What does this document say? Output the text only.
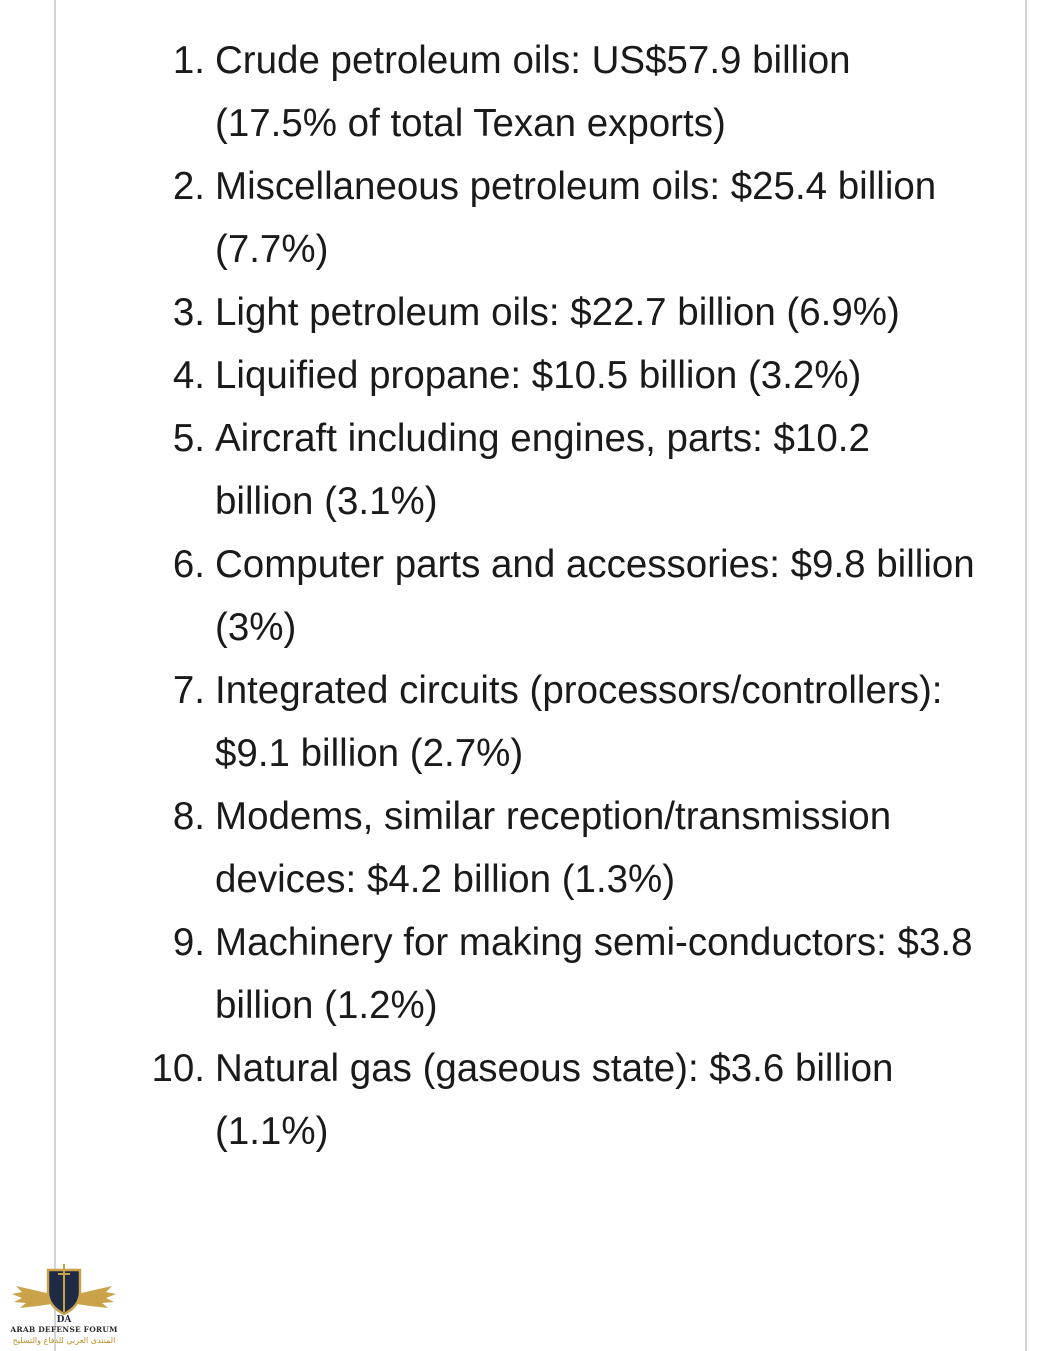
1. Crude petroleum oils: US$57.9 billion (17.5% of total Texan exports)
2. Miscellaneous petroleum oils: $25.4 billion (7.7%)
3. Light petroleum oils: $22.7 billion (6.9%)
4. Liquified propane: $10.5 billion (3.2%)
5. Aircraft including engines, parts: $10.2 billion (3.1%)
6. Computer parts and accessories: $9.8 billion (3%)
7. Integrated circuits (processors/controllers): $9.1 billion (2.7%)
8. Modems, similar reception/transmission devices: $4.2 billion (1.3%)
9. Machinery for making semi-conductors: $3.8 billion (1.2%)
10. Natural gas (gaseous state): $3.6 billion (1.1%)
DA
ARAB DEFENSE FORUM
المنتدى العربي للدفاع والتسليح
